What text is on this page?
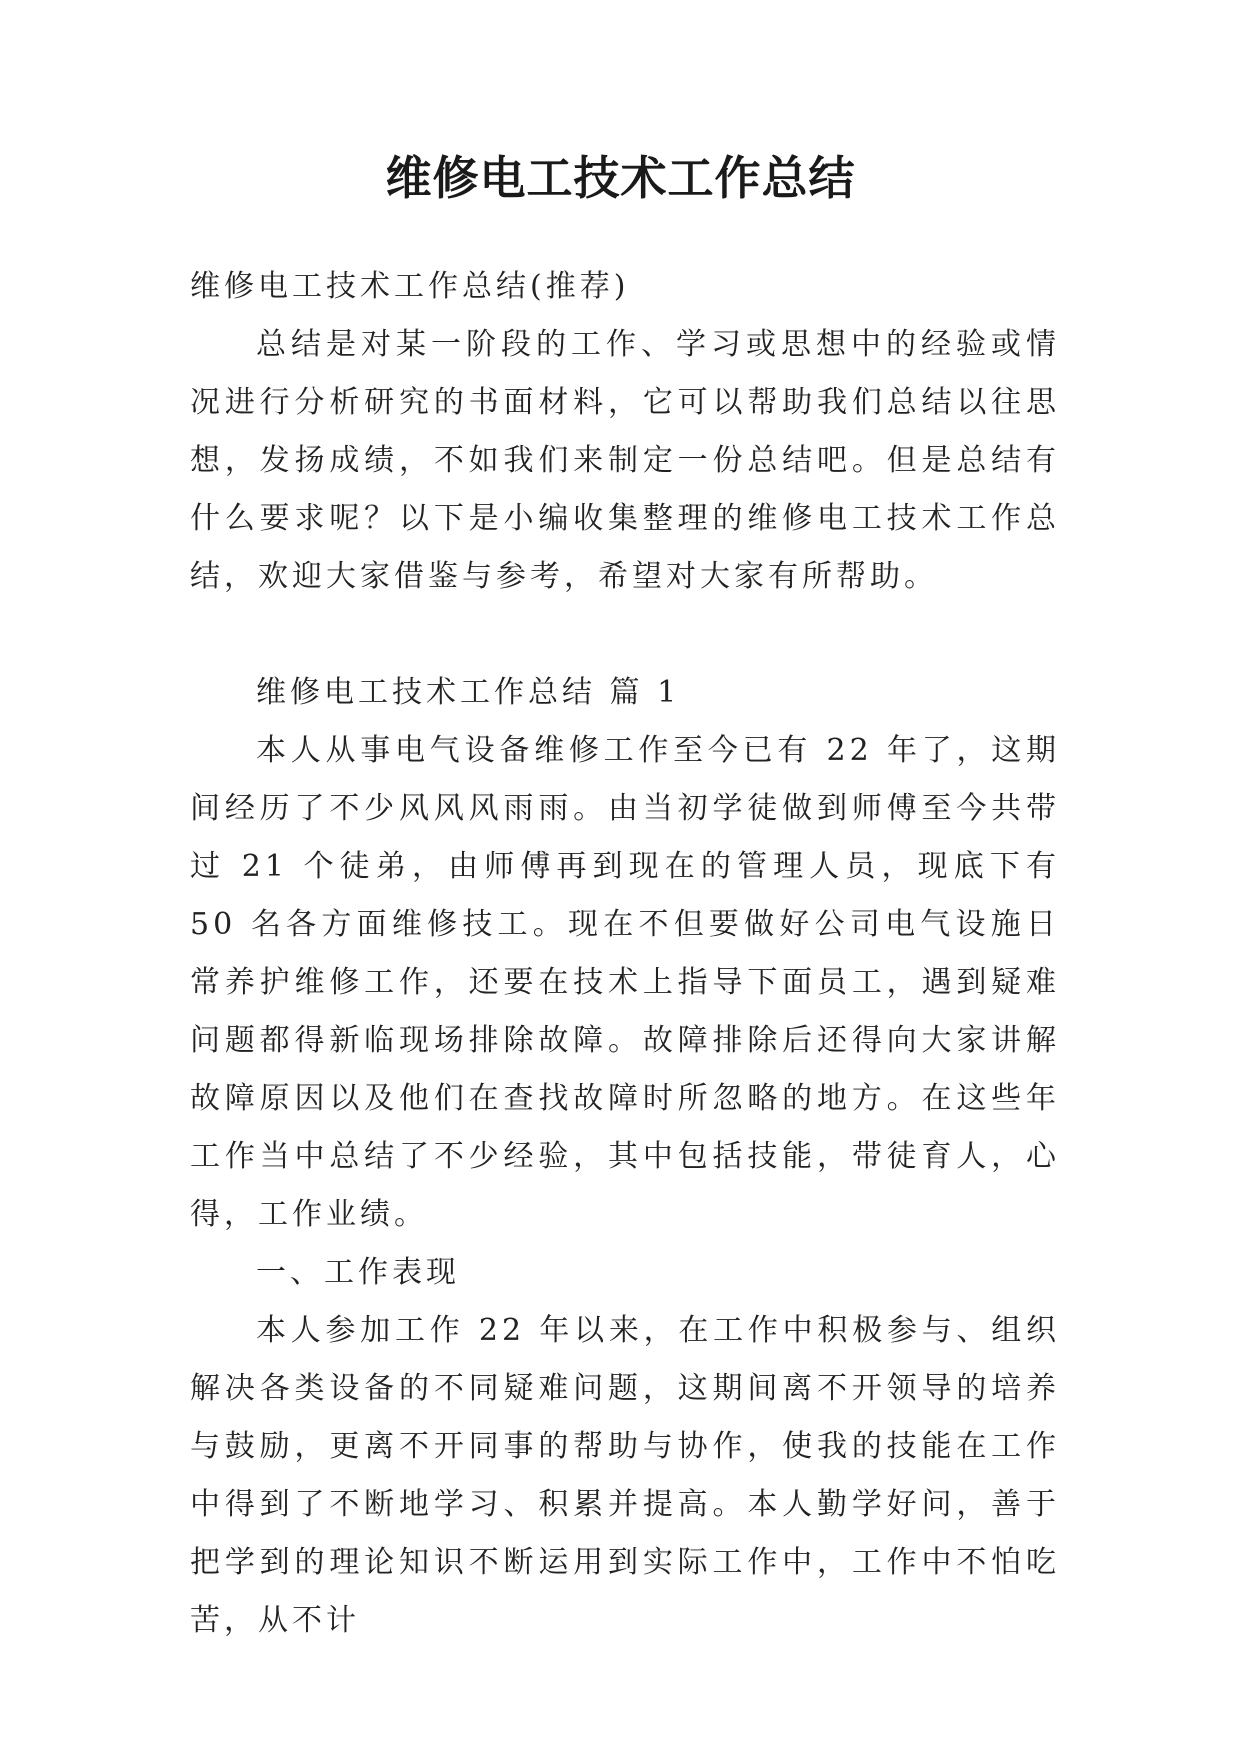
维修电工技术工作总结

维修电工技术工作总结(推荐)

总结是对某一阶段的工作、学习或思想中的经验或情况进行分析研究的书面材料，它可以帮助我们总结以往思想，发扬成绩，不如我们来制定一份总结吧。但是总结有什么要求呢？以下是小编收集整理的维修电工技术工作总结，欢迎大家借鉴与参考，希望对大家有所帮助。

维修电工技术工作总结 篇 1

本人从事电气设备维修工作至今已有 22 年了，这期间经历了不少风风风雨雨。由当初学徒做到师傅至今共带过 21 个徒弟，由师傅再到现在的管理人员，现底下有 50 名各方面维修技工。现在不但要做好公司电气设施日常养护维修工作，还要在技术上指导下面员工，遇到疑难问题都得新临现场排除故障。故障排除后还得向大家讲解故障原因以及他们在查找故障时所忽略的地方。在这些年工作当中总结了不少经验，其中包括技能，带徒育人，心得，工作业绩。

一、工作表现

本人参加工作 22 年以来，在工作中积极参与、组织解决各类设备的不同疑难问题，这期间离不开领导的培养与鼓励，更离不开同事的帮助与协作，使我的技能在工作中得到了不断地学习、积累并提高。本人勤学好问，善于把学到的理论知识不断运用到实际工作中，工作中不怕吃苦，从不计
